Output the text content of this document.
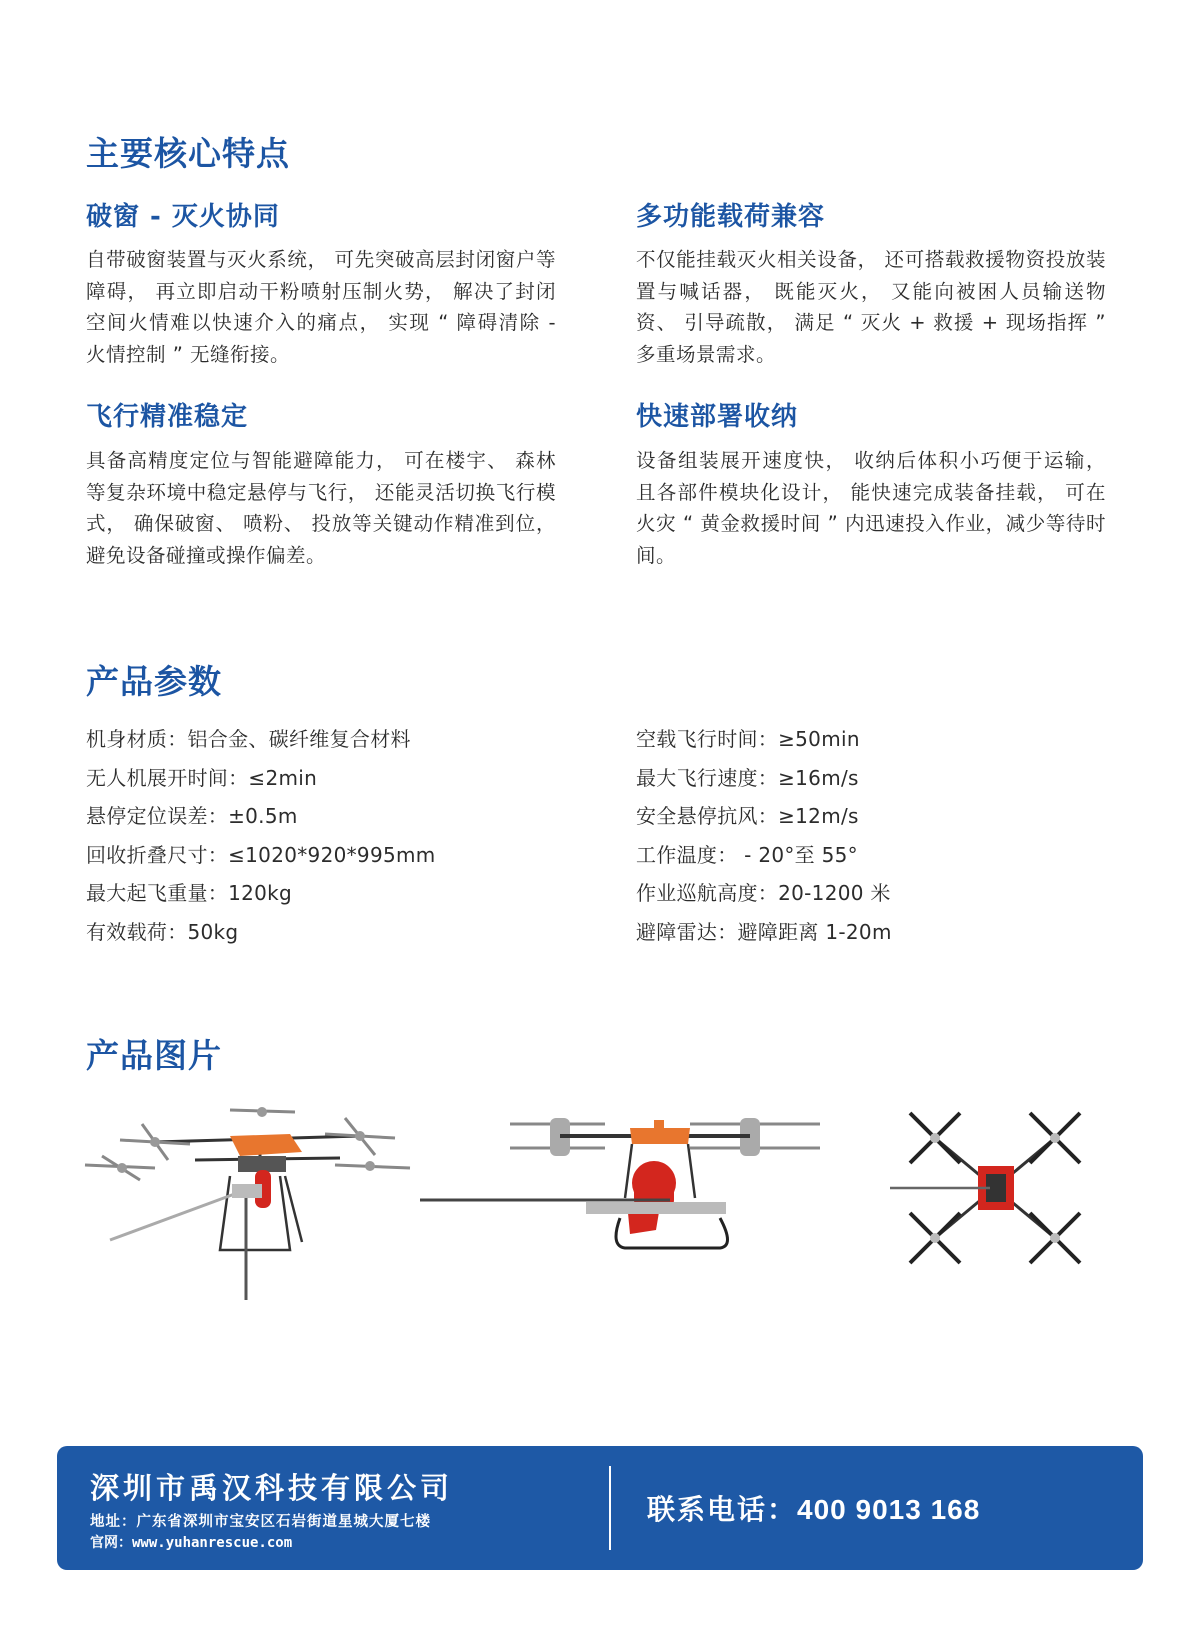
主要核心特点
破窗 - 灭火协同

自带破窗装置与灭火系统， 可先突破高层封闭窗户等障碍， 再立即启动干粉喷射压制火势， 解决了封闭空间火情难以快速介入的痛点， 实现 “ 障碍清除 - 火情控制 ” 无缝衔接。

多功能载荷兼容

不仅能挂载灭火相关设备， 还可搭载救援物资投放装置与喊话器， 既能灭火， 又能向被困人员输送物资、 引导疏散， 满足 “ 灭火 + 救援 + 现场指挥 ” 多重场景需求。

飞行精准稳定

具备高精度定位与智能避障能力， 可在楼宇、 森林等复杂环境中稳定悬停与飞行， 还能灵活切换飞行模式， 确保破窗、 喷粉、 投放等关键动作精准到位，避免设备碰撞或操作偏差。

快速部署收纳

设备组装展开速度快， 收纳后体积小巧便于运输， 且各部件模块化设计， 能快速完成装备挂载， 可在火灾 “ 黄金救援时间 ” 内迅速投入作业，减少等待时间。

产品参数
机身材质：铝合金、碳纤维复合材料
无人机展开时间：≤2min
悬停定位误差：±0.5m
回收折叠尺寸：≤1020*920*995mm
最大起飞重量：120kg
有效载荷：50kg
空载飞行时间：≥50min
最大飞行速度：≥16m/s
安全悬停抗风：≥12m/s
工作温度： - 20°至 55°
作业巡航高度：20-1200 米
避障雷达：避障距离 1-20m
产品图片
深圳市禹汉科技有限公司
地址：广东省深圳市宝安区石岩街道星城大厦七楼
官网：www.yuhanrescue.com
联系电话：400 9013 168
